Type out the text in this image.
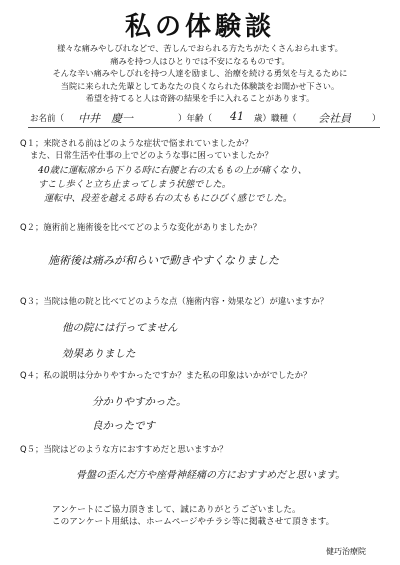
私の体験談
様々な痛みやしびれなどで、苦しんでおられる方たちがたくさんおられます。
痛みを持つ人はひとりでは不安になるものです。
そんな辛い痛みやしびれを持つ人達を励まし、治療を続ける勇気を与えるために
当院に来られた先輩としてあなたの良くなられた体験談をお聞かせ下さい。
希望を持てると人は奇跡の結果を手に入れることがあります。
お名前（ 中井　慶一	）年齢（ 41 歳）職種（ 会社員 ）
Q１；来院される前はどのような症状で悩まれていましたか？
また、日常生活や仕事の上でどのような事に困っていましたか？
40歳に運転席から下りる時に右腰と右の太ももの上が痛くなり、
すこし歩くと立ち止まってしまう状態でした。
運転中、段差を越える時も右の太ももにひびく感じでした。
Q２；施術前と施術後を比べてどのような変化がありましたか？
施術後は痛みが和らいで動きやすくなりました
Q３；当院は他の院と比べてどのような点（施術内容・効果など）が違いますか？
他の院には行ってません
効果ありました
Q４；私の説明は分かりやすかったですか？また私の印象はいかがでしたか？
分かりやすかった。
良かったです
Q５；当院はどのような方におすすめだと思いますか？
骨盤の歪んだ方や座骨神経痛の方におすすめだと思います。
アンケートにご協力頂きまして、誠にありがとうございました。
このアンケート用紙は、ホームページやチラシ等に掲載させて頂きます。
健巧治療院
